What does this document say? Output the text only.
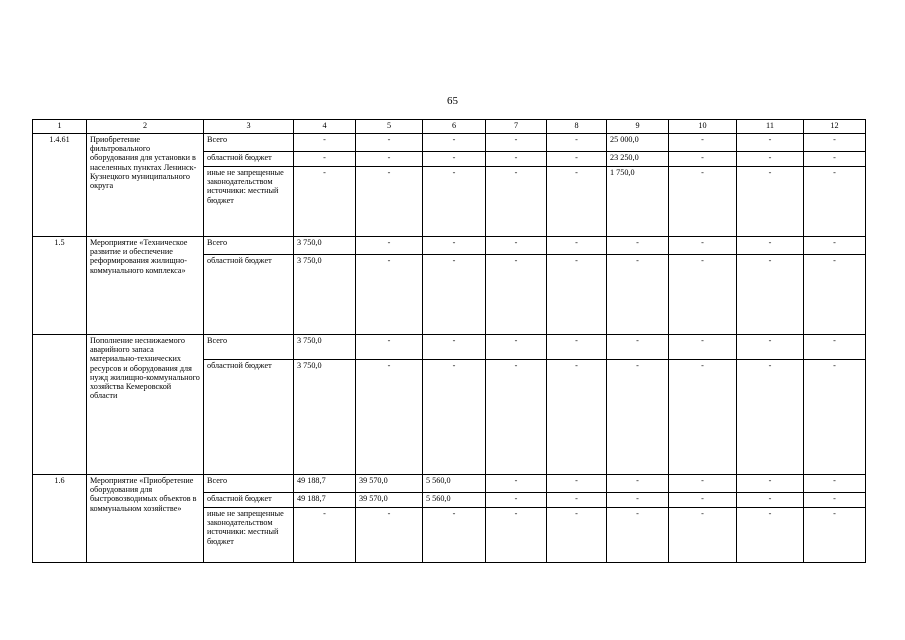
65
1	2	3	4	5	6	7	8	9	10	11	12
1.4.61	Приобретение фильтровального оборудования для установки в населенных пунктах Ленинск-Кузнецкого муниципального округа	Всего	-	-	-	-	-	25 000,0	-	-	-
		областной бюджет	-	-	-	-	-	23 250,0	-	-	-
		иные не запрещенные законодательством источники: местный бюджет	-	-	-	-	-	1 750,0	-	-	-
1.5	Мероприятие «Техническое развитие и обеспечение реформирования жилищно-коммунального комплекса»	Всего	3 750,0	-	-	-	-	-	-	-	-
		областной бюджет	3 750,0	-	-	-	-	-	-	-	-
	Пополнение неснижаемого аварийного запаса материально-технических ресурсов и оборудования для нужд жилищно-коммунального хозяйства Кемеровской области	Всего	3 750,0	-	-	-	-	-	-	-	-
		областной бюджет	3 750,0	-	-	-	-	-	-	-	-
1.6	Мероприятие «Приобретение оборудования для быстровозводимых объектов в коммунальном хозяйстве»	Всего	49 188,7	39 570,0	5 560,0	-	-	-	-	-	-
		областной бюджет	49 188,7	39 570,0	5 560,0	-	-	-	-	-	-
		иные не запрещенные законодательством источники: местный бюджет	-	-	-	-	-	-	-	-	-
